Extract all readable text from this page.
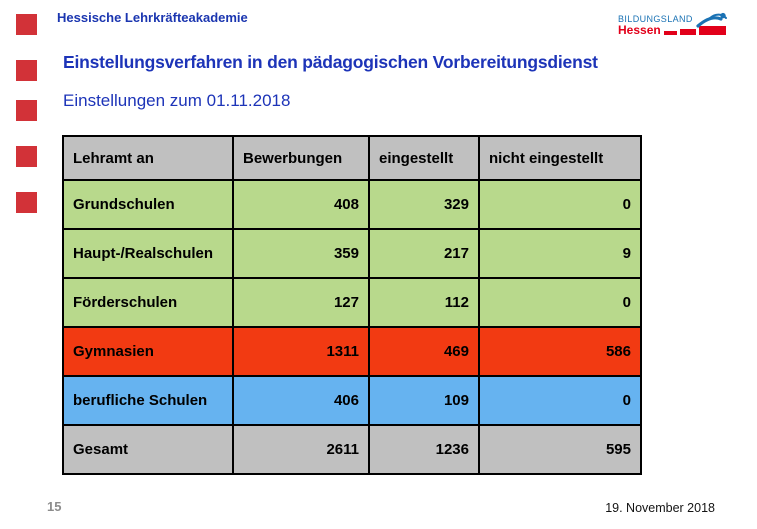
Hessische Lehrkräfteakademie	BILDUNGSLAND
Hessen
Einstellungsverfahren in den pädagogischen Vorbereitungsdienst
Einstellungen zum 01.11.2018
Lehramt an	Bewerbungen	eingestellt	nicht eingestellt
Grundschulen	408	329	0
Haupt-/Realschulen	359	217	9
Förderschulen	127	112	0
Gymnasien	1311	469	586
berufliche Schulen	406	109	0
Gesamt	2611	1236	595
15	19. November 2018
